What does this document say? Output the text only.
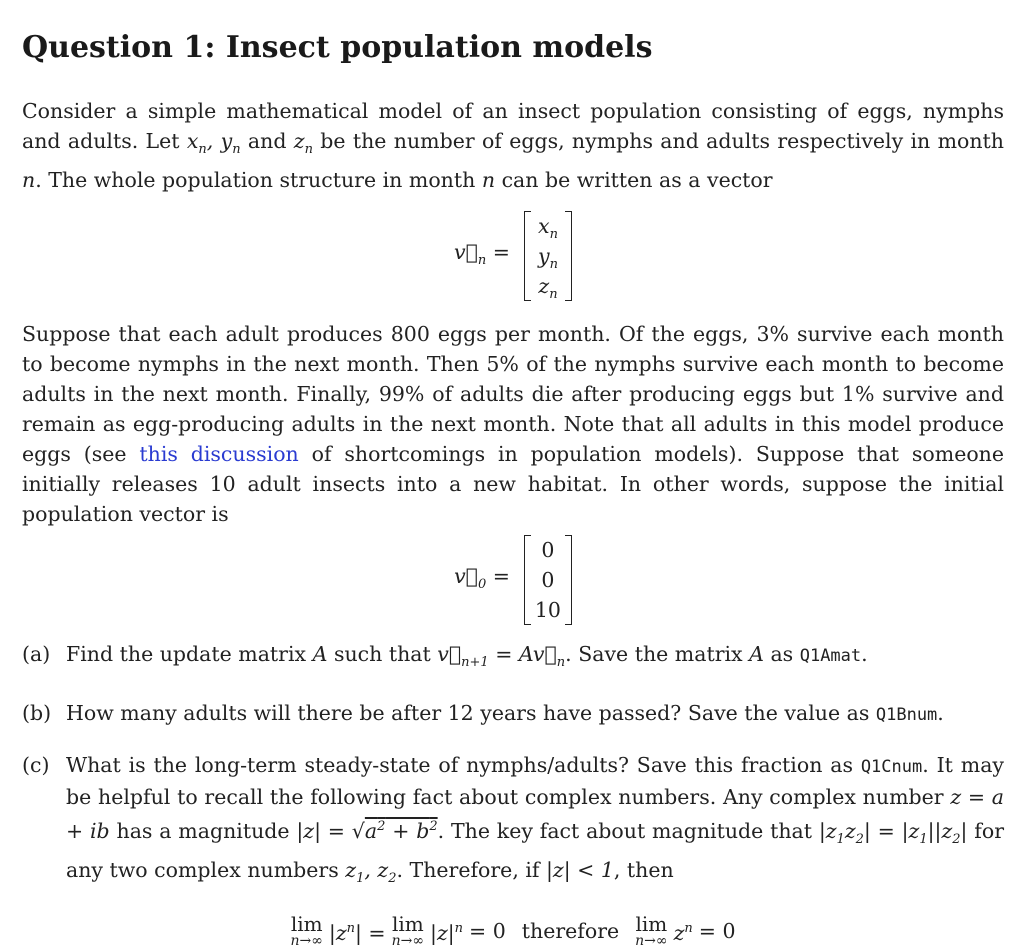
Question 1: Insect population models

Consider a simple mathematical model of an insect population consisting of eggs, nymphs and adults. Let $x_n$, $y_n$ and $z_n$ be the number of eggs, nymphs and adults respectively in month n. The whole population structure in month n can be written as a vector

$v⃗_n$ =
$x_n$
$y_n$
$z_n$

Suppose that each adult produces 800 eggs per month. Of the eggs, 3% survive each month to become nymphs in the next month. Then 5% of the nymphs survive each month to become adults in the next month. Finally, 99% of adults die after producing eggs but 1% survive and remain as egg-producing adults in the next month. Note that all adults in this model produce eggs (see this discussion of shortcomings in population models). Suppose that someone initially releases 10 adult insects into a new habitat. In other words, suppose the initial population vector is

$v⃗_0$ =
0
0
10
(a) Find the update matrix A such that $v⃗_{n+1}$ = $Av⃗_n$. Save the matrix A as Q1Amat.
(b) How many adults will there be after 12 years have passed? Save the value as Q1Bnum.
(c) What is the long-term steady-state of nymphs/adults? Save this fraction as Q1Cnum. It may be helpful to recall the following fact about complex numbers. Any complex number z = a + ib has a magnitude $|z| = √a^2 + b^2$. The key fact about magnitude that $|z_1z_2| = |z_1||z_2|$ for any two complex numbers $z_1$, $z_2$. Therefore, if |z| < 1, then
lim
n→∞ $|z^n| = \lim$
n→∞ $|z|^n = 0$ therefore lim
n→∞ $z^n = 0$
